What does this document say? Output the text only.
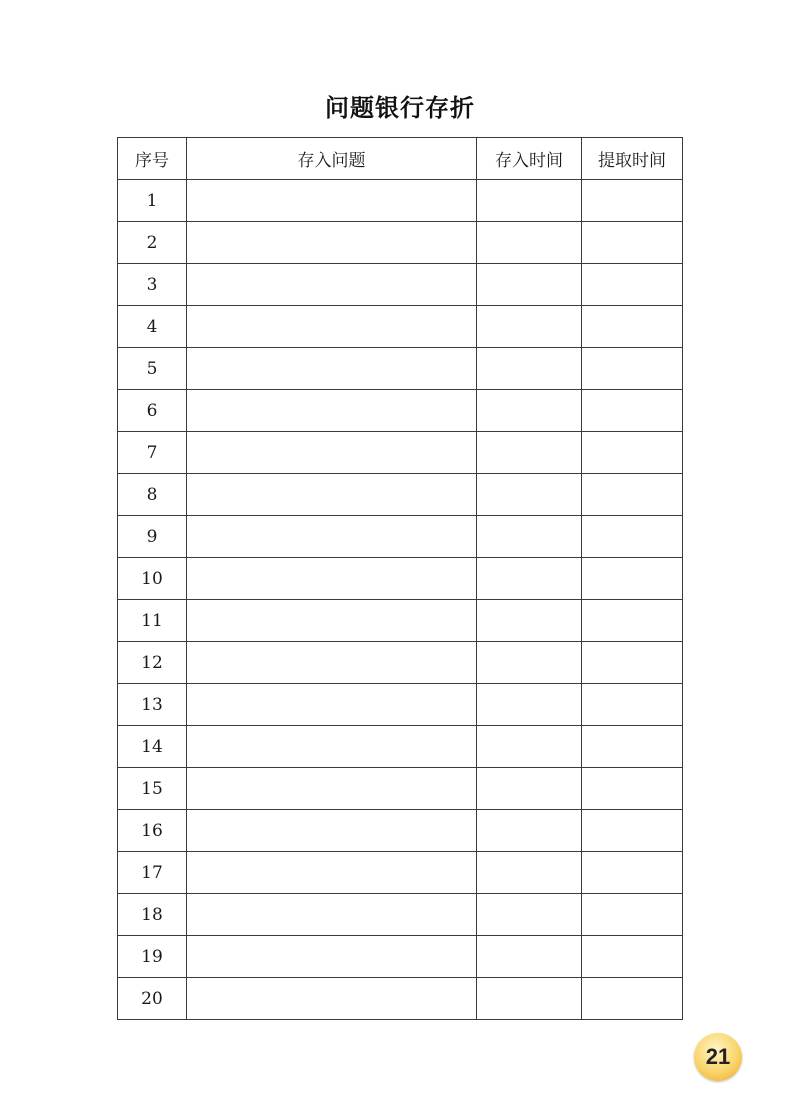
问题银行存折
序号	存入问题	存入时间	提取时间
1			
2			
3			
4			
5			
6			
7			
8			
9			
10			
11			
12			
13			
14			
15			
16			
17			
18			
19			
20			
21
